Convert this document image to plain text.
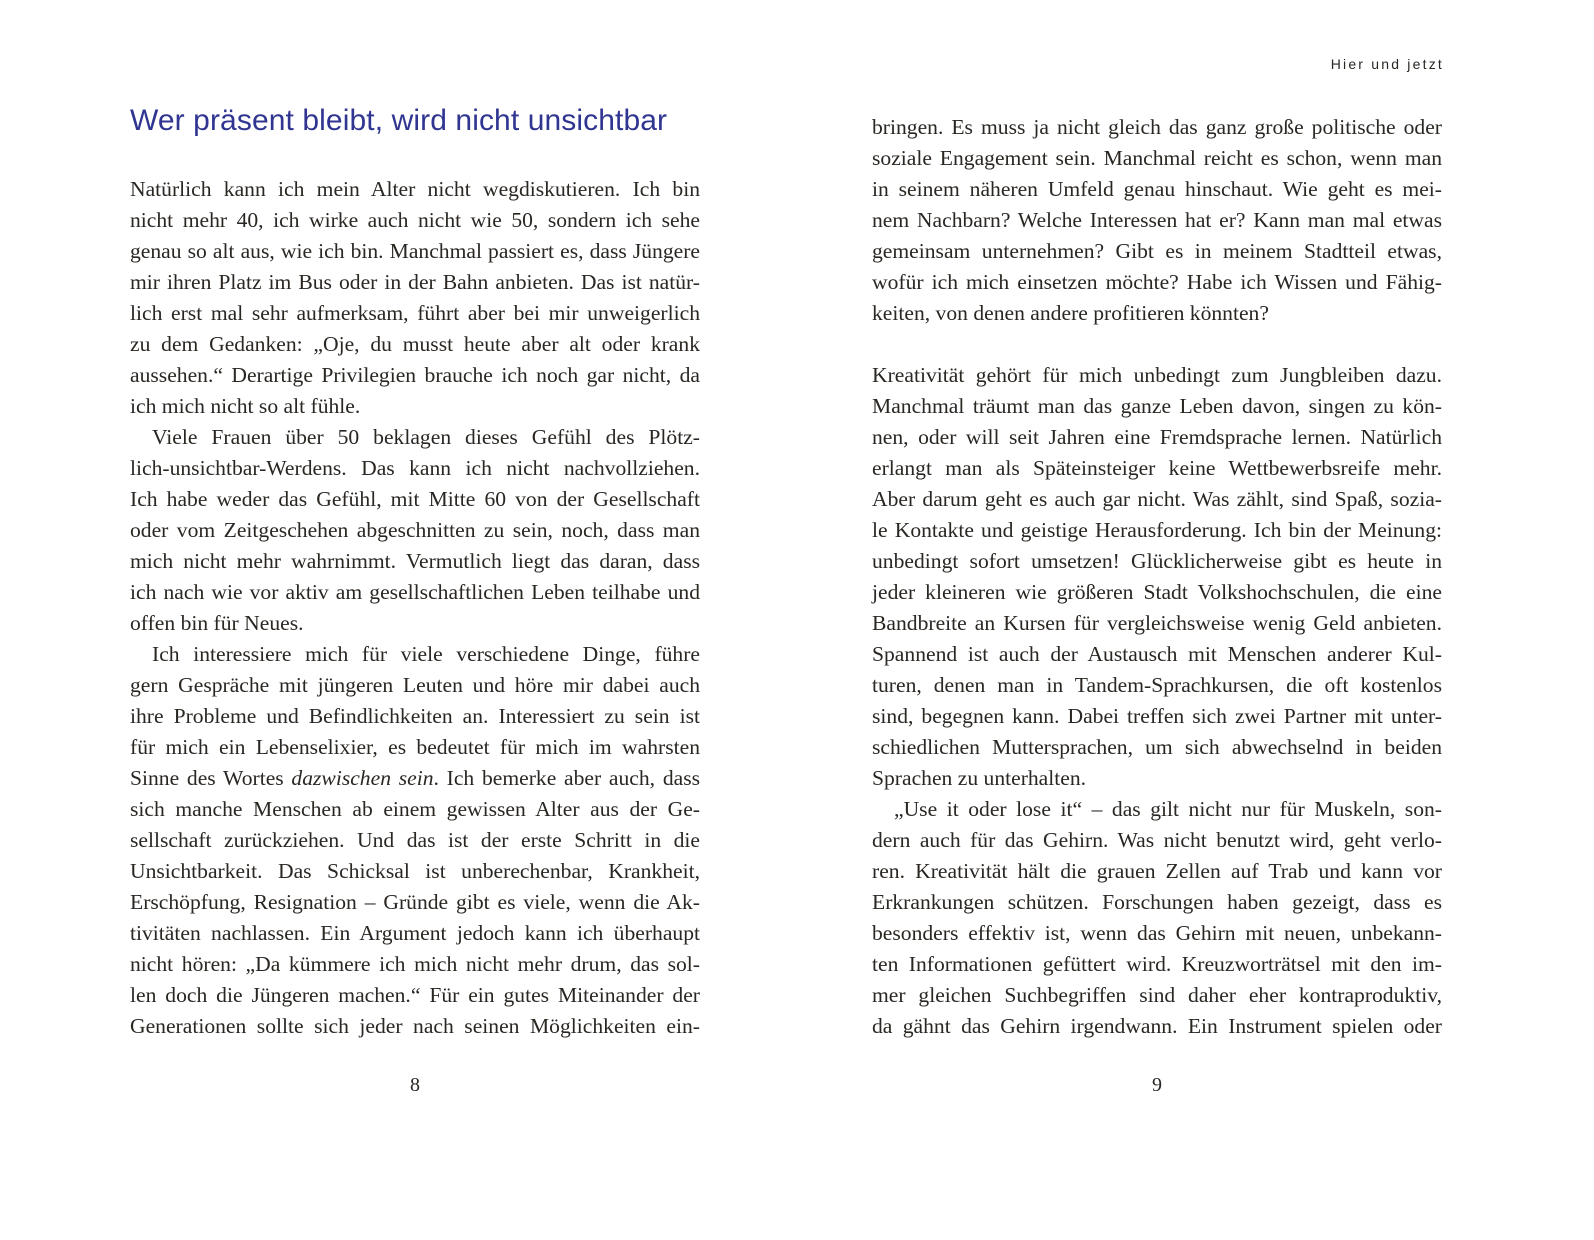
Wer präsent bleibt, wird nicht unsichtbar
Natürlich kann ich mein Alter nicht wegdiskutieren. Ich bin
nicht mehr 40, ich wirke auch nicht wie 50, sondern ich sehe
genau so alt aus, wie ich bin. Manchmal passiert es, dass Jüngere
mir ihren Platz im Bus oder in der Bahn anbieten. Das ist natür-
lich erst mal sehr aufmerksam, führt aber bei mir unweigerlich
zu dem Gedanken: „Oje, du musst heute aber alt oder krank
aussehen.“ Derartige Privilegien brauche ich noch gar nicht, da
ich mich nicht so alt fühle.
Viele Frauen über 50 beklagen dieses Gefühl des Plötz-
lich-unsichtbar-Werdens. Das kann ich nicht nachvollziehen.
Ich habe weder das Gefühl, mit Mitte 60 von der Gesellschaft
oder vom Zeitgeschehen abgeschnitten zu sein, noch, dass man
mich nicht mehr wahrnimmt. Vermutlich liegt das daran, dass
ich nach wie vor aktiv am gesellschaftlichen Leben teilhabe und
offen bin für Neues.
Ich interessiere mich für viele verschiedene Dinge, führe
gern Gespräche mit jüngeren Leuten und höre mir dabei auch
ihre Probleme und Befindlichkeiten an. Interessiert zu sein ist
für mich ein Lebenselixier, es bedeutet für mich im wahrsten
Sinne des Wortes dazwischen sein. Ich bemerke aber auch, dass
sich manche Menschen ab einem gewissen Alter aus der Ge-
sellschaft zurückziehen. Und das ist der erste Schritt in die
Unsichtbarkeit. Das Schicksal ist unberechenbar, Krankheit,
Erschöpfung, Resignation – Gründe gibt es viele, wenn die Ak-
tivitäten nachlassen. Ein Argument jedoch kann ich überhaupt
nicht hören: „Da kümmere ich mich nicht mehr drum, das sol-
len doch die Jüngeren machen.“ Für ein gutes Miteinander der
Generationen sollte sich jeder nach seinen Möglichkeiten ein-
8
Hier und jetzt
bringen. Es muss ja nicht gleich das ganz große politische oder
soziale Engagement sein. Manchmal reicht es schon, wenn man
in seinem näheren Umfeld genau hinschaut. Wie geht es mei-
nem Nachbarn? Welche Interessen hat er? Kann man mal etwas
gemeinsam unternehmen? Gibt es in meinem Stadtteil etwas,
wofür ich mich einsetzen möchte? Habe ich Wissen und Fähig-
keiten, von denen andere profitieren könnten?
Kreativität gehört für mich unbedingt zum Jungbleiben dazu.
Manchmal träumt man das ganze Leben davon, singen zu kön-
nen, oder will seit Jahren eine Fremdsprache lernen. Natürlich
erlangt man als Späteinsteiger keine Wettbewerbsreife mehr.
Aber darum geht es auch gar nicht. Was zählt, sind Spaß, sozia-
le Kontakte und geistige Herausforderung. Ich bin der Meinung:
unbedingt sofort umsetzen! Glücklicherweise gibt es heute in
jeder kleineren wie größeren Stadt Volkshochschulen, die eine
Bandbreite an Kursen für vergleichsweise wenig Geld anbieten.
Spannend ist auch der Austausch mit Menschen anderer Kul-
turen, denen man in Tandem-Sprachkursen, die oft kostenlos
sind, begegnen kann. Dabei treffen sich zwei Partner mit unter-
schiedlichen Muttersprachen, um sich abwechselnd in beiden
Sprachen zu unterhalten.
„Use it oder lose it“ – das gilt nicht nur für Muskeln, son-
dern auch für das Gehirn. Was nicht benutzt wird, geht verlo-
ren. Kreativität hält die grauen Zellen auf Trab und kann vor
Erkrankungen schützen. Forschungen haben gezeigt, dass es
besonders effektiv ist, wenn das Gehirn mit neuen, unbekann-
ten Informationen gefüttert wird. Kreuzworträtsel mit den im-
mer gleichen Suchbegriffen sind daher eher kontraproduktiv,
da gähnt das Gehirn irgendwann. Ein Instrument spielen oder
9
